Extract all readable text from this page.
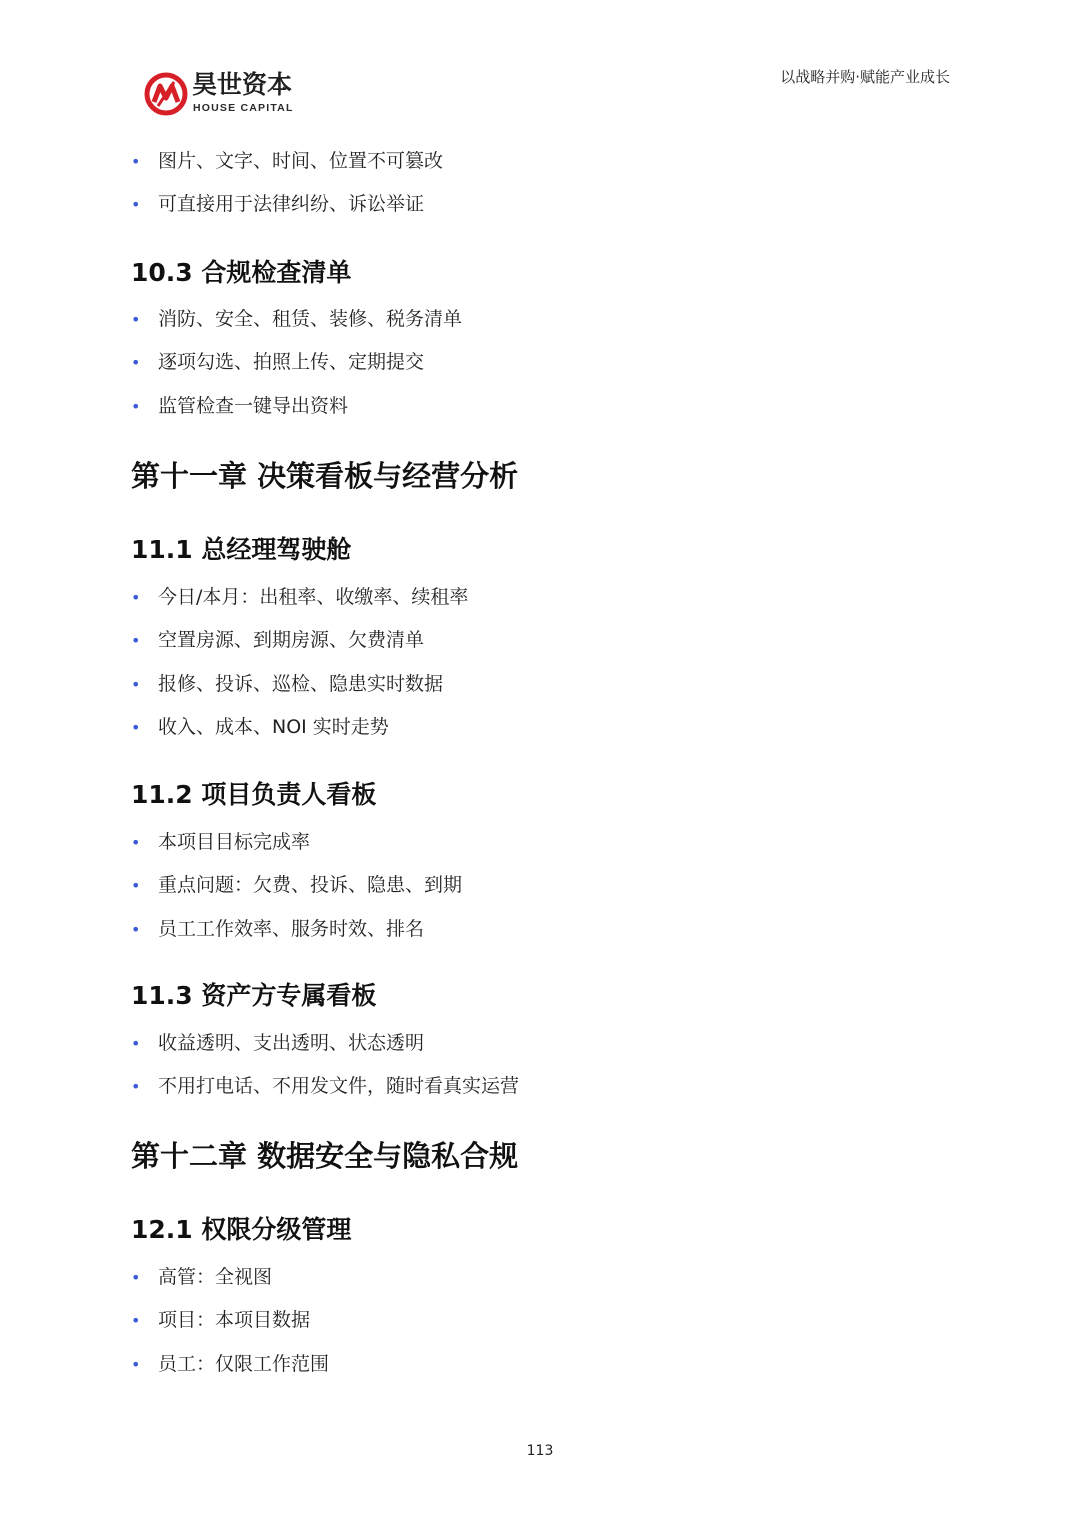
昊世资本
HOUSE CAPITAL
以战略并购·赋能产业成长
• 图片、文字、时间、位置不可篡改
• 可直接用于法律纠纷、诉讼举证
10.3 合规检查清单
• 消防、安全、租赁、装修、税务清单
• 逐项勾选、拍照上传、定期提交
• 监管检查一键导出资料
第十一章 决策看板与经营分析
11.1 总经理驾驶舱
• 今日/本月：出租率、收缴率、续租率
• 空置房源、到期房源、欠费清单
• 报修、投诉、巡检、隐患实时数据
• 收入、成本、NOI 实时走势
11.2 项目负责人看板
• 本项目目标完成率
• 重点问题：欠费、投诉、隐患、到期
• 员工工作效率、服务时效、排名
11.3 资产方专属看板
• 收益透明、支出透明、状态透明
• 不用打电话、不用发文件，随时看真实运营
第十二章 数据安全与隐私合规
12.1 权限分级管理
• 高管：全视图
• 项目：本项目数据
• 员工：仅限工作范围
113
